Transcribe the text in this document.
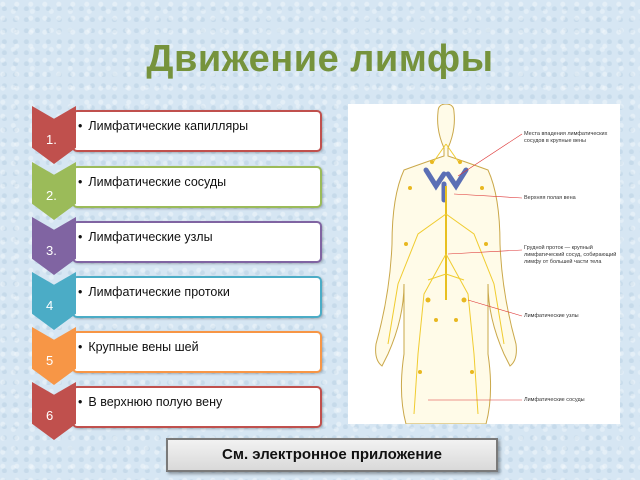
Движение лимфы
1.
• Лимфатические капилляры
2.
• Лимфатические сосуды
3.
• Лимфатические узлы
4
• Лимфатические протоки
5
• Крупные вены шей
6
• В верхнюю полую вену
Места впадения лимфатических сосудов в крупные вены
Верхняя полая вена
Грудной проток — крупный лимфатический сосуд, собирающий лимфу от большей части тела
Лимфатические узлы
Лимфатические сосуды
См. электронное приложение
